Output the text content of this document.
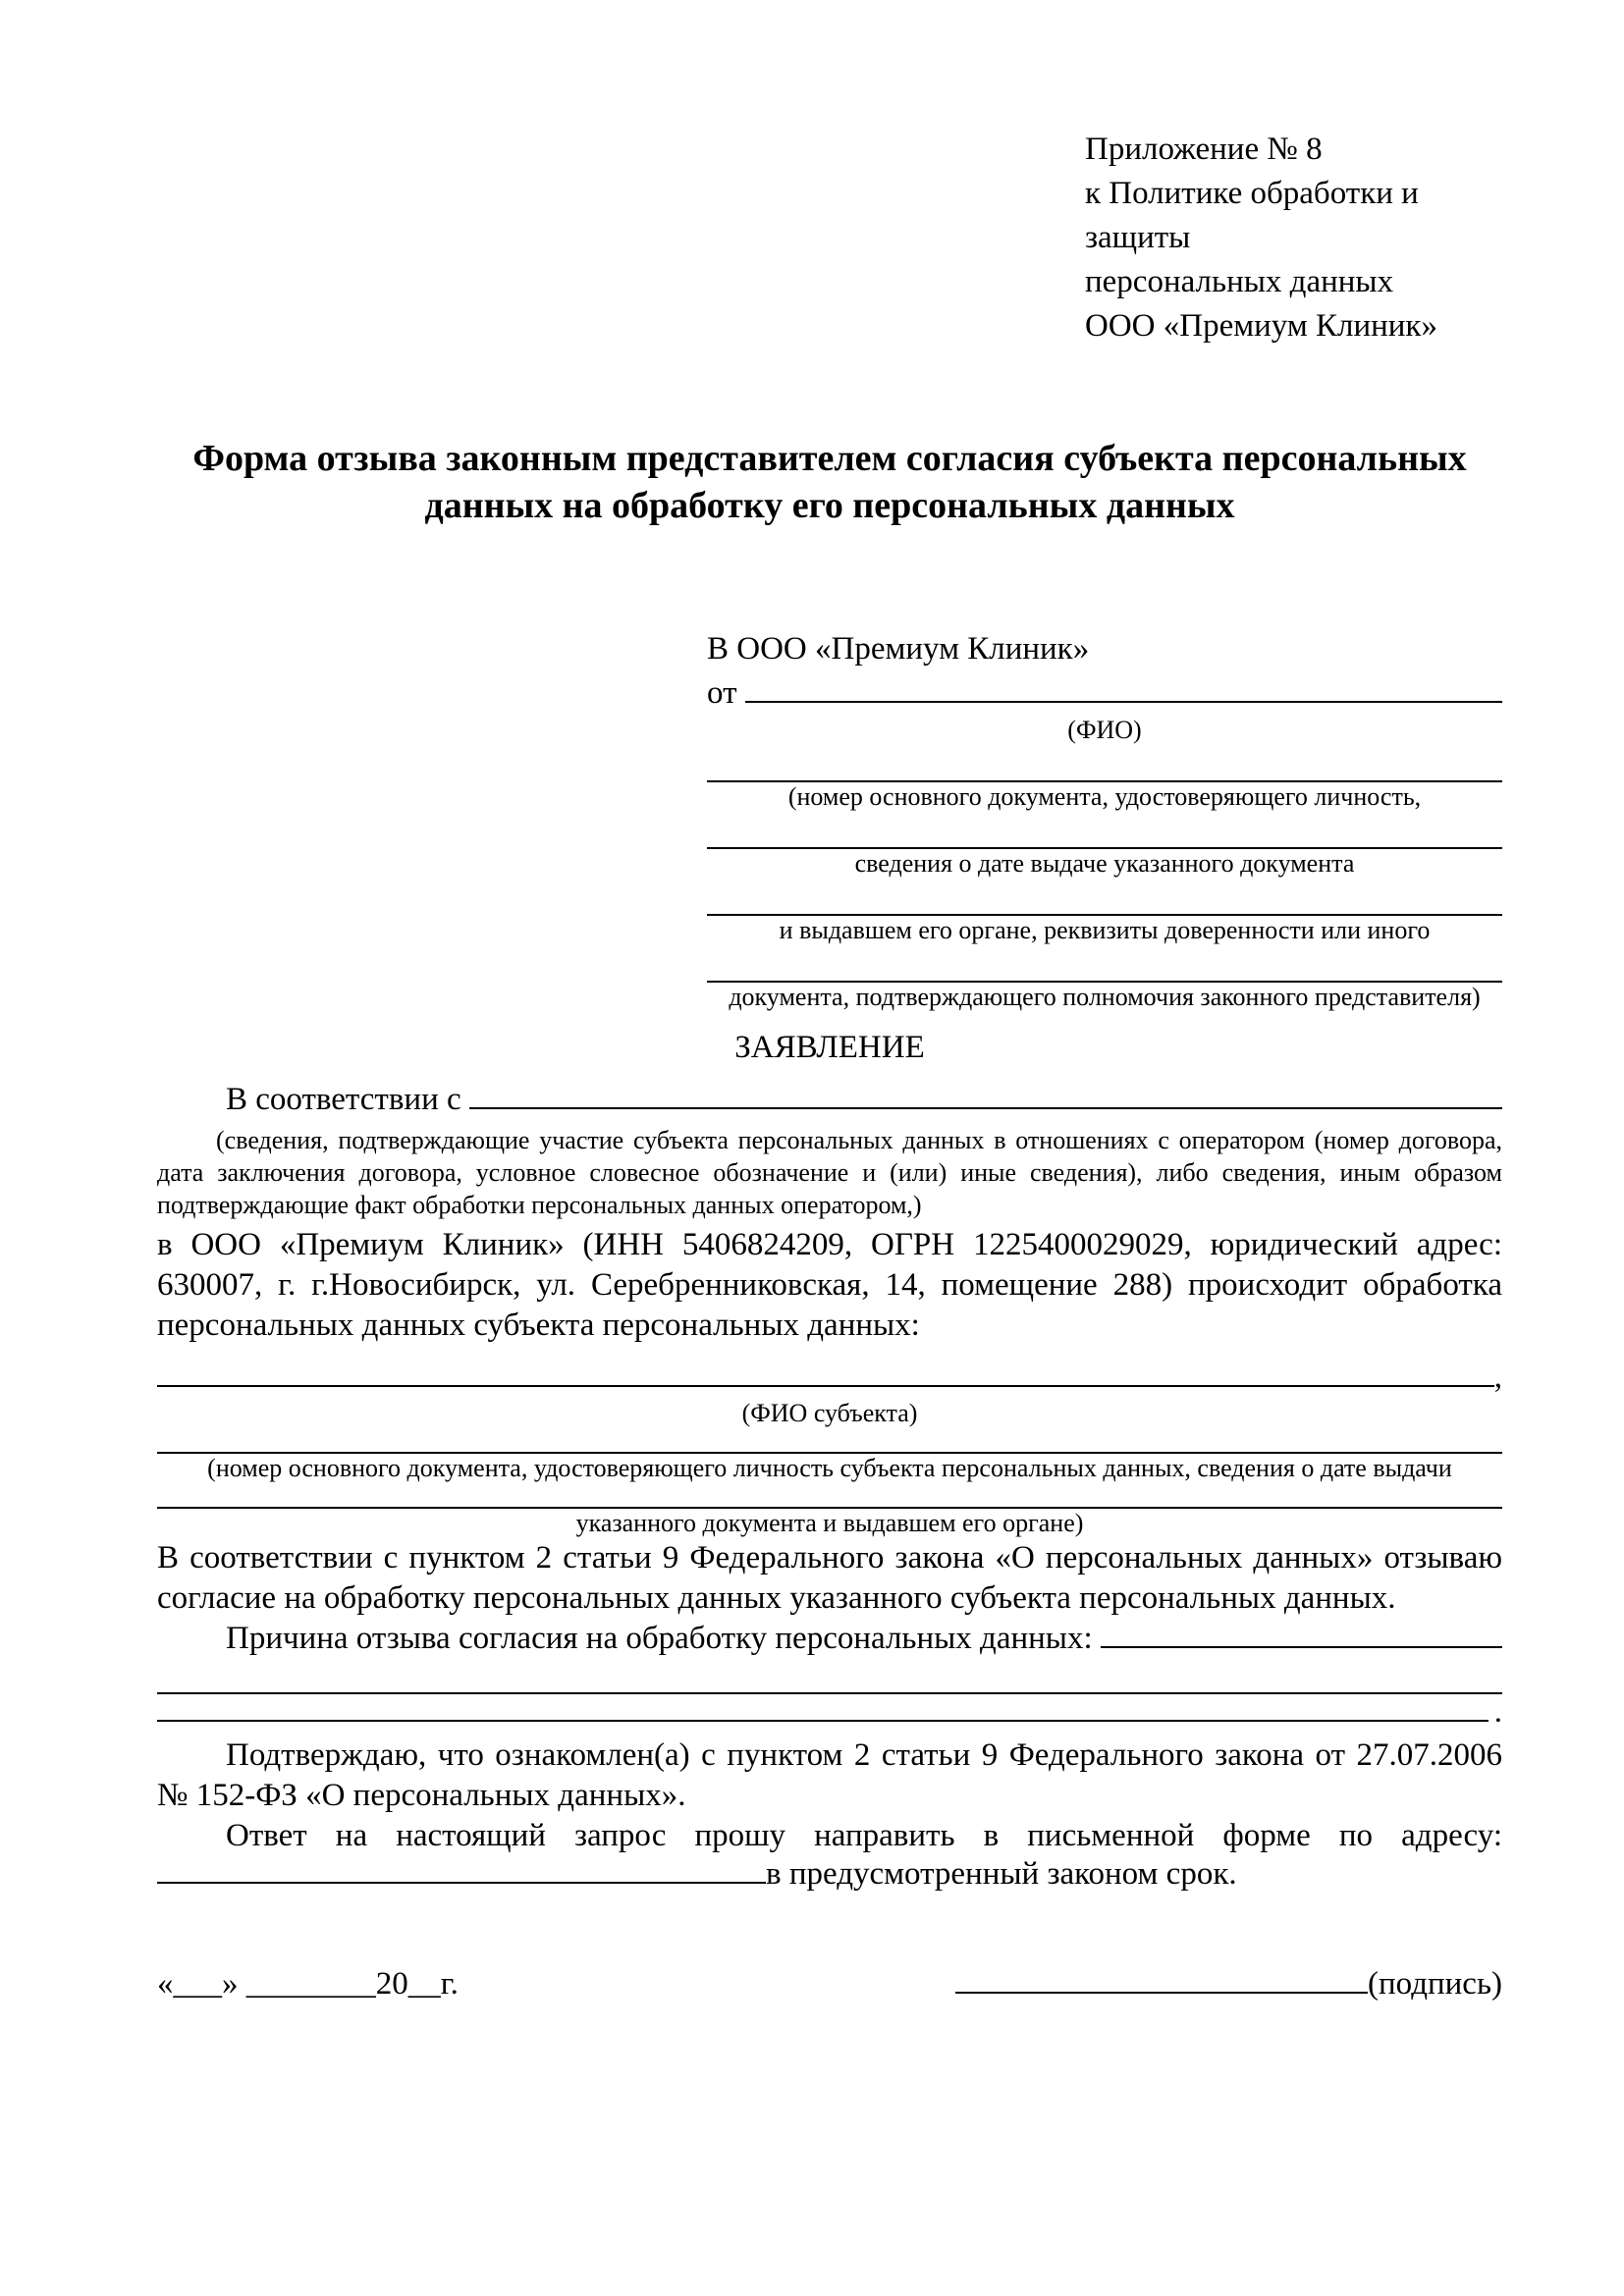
Приложение № 8
к Политике обработки и защиты
персональных данных
ООО «Премиум Клиник»
Форма отзыва законным представителем согласия субъекта персональных данных на обработку его персональных данных
В ООО «Премиум Клиник»
от

(ФИО)
(номер основного документа, удостоверяющего личность,
сведения о дате выдаче указанного документа
и выдавшем его органе, реквизиты доверенности или иного
документа, подтверждающего полномочия законного представителя)
ЗАЯВЛЕНИЕ
В соответствии с

(сведения, подтверждающие участие субъекта персональных данных в отношениях с оператором (номер договора, дата заключения договора, условное словесное обозначение и (или) иные сведения), либо сведения, иным образом подтверждающие факт обработки персональных данных оператором,)
в ООО «Премиум Клиник» (ИНН 5406824209, ОГРН 1225400029029, юридический адрес: 630007, г. г.Новосибирск, ул. Серебренниковская, 14, помещение 288) происходит обработка персональных данных субъекта персональных данных:
,
(ФИО субъекта)
(номер основного документа, удостоверяющего личность субъекта персональных данных, сведения о дате выдачи
указанного документа и выдавшем его органе)
В соответствии с пунктом 2 статьи 9 Федерального закона «О персональных данных» отзываю согласие на обработку персональных данных указанного субъекта персональных данных.
Причина отзыва согласия на обработку персональных данных:

.
Подтверждаю, что ознакомлен(а) с пунктом 2 статьи 9 Федерального закона от 27.07.2006 № 152-ФЗ «О персональных данных».
Ответ на настоящий запрос прошу направить в письменной форме по адресу:
в предусмотренный законом срок.
«___» ________20__г.	(подпись)
